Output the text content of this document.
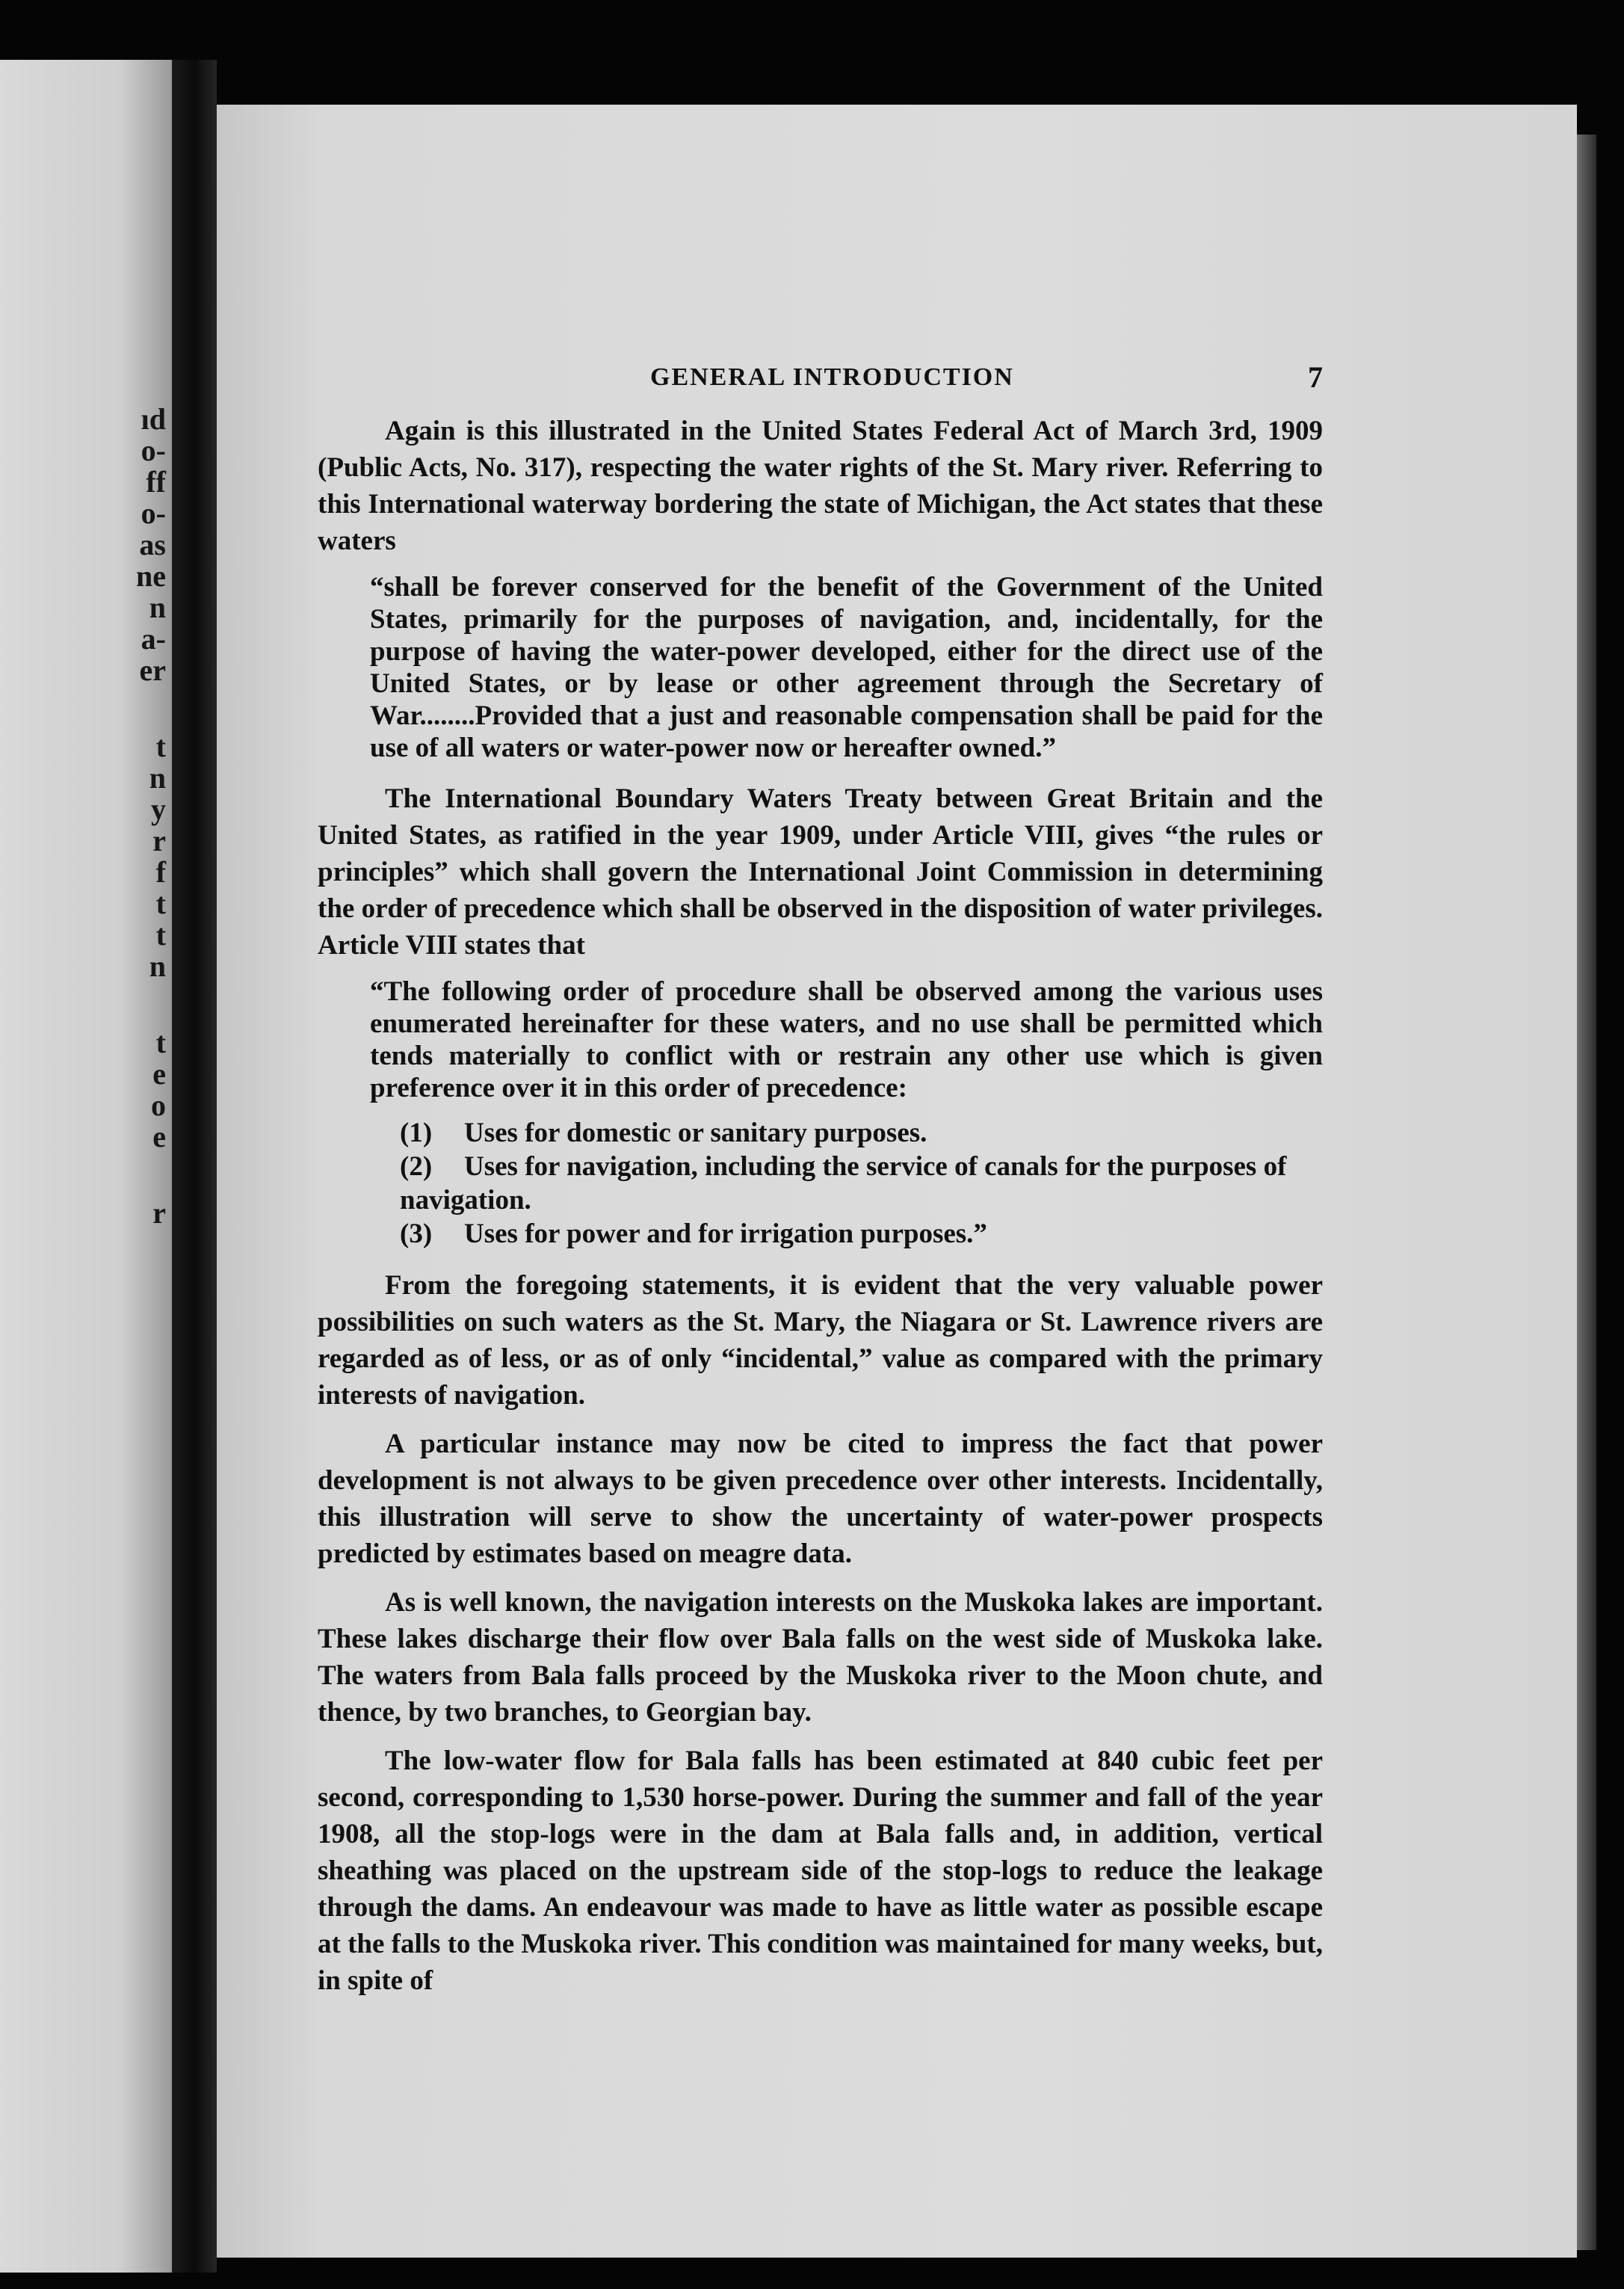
ıd
o-
ff
o-
as
ne
n
a-
er
t
n
y
r
f
t
t
n
t
e
o
e
r
GENERAL INTRODUCTION	7

Again is this illustrated in the United States Federal Act of March 3rd, 1909 (Public Acts, No. 317), respecting the water rights of the St. Mary river. Referring to this International waterway bordering the state of Michigan, the Act states that these waters

“shall be forever conserved for the benefit of the Government of the United States, primarily for the purposes of navigation, and, incidentally, for the purpose of having the water-power developed, either for the direct use of the United States, or by lease or other agreement through the Secretary of War........Provided that a just and reasonable compensation shall be paid for the use of all waters or water-power now or hereafter owned.”

The International Boundary Waters Treaty between Great Britain and the United States, as ratified in the year 1909, under Article VIII, gives “the rules or principles” which shall govern the International Joint Commission in determining the order of precedence which shall be observed in the disposition of water privileges. Article VIII states that

“The following order of procedure shall be observed among the various uses enumerated hereinafter for these waters, and no use shall be permitted which tends materially to conflict with or restrain any other use which is given preference over it in this order of precedence:
(1) Uses for domestic or sanitary purposes.
(2) Uses for navigation, including the service of canals for the purposes of navigation.
(3) Uses for power and for irrigation purposes.”

From the foregoing statements, it is evident that the very valuable power possibilities on such waters as the St. Mary, the Niagara or St. Lawrence rivers are regarded as of less, or as of only “incidental,” value as compared with the primary interests of navigation.

A particular instance may now be cited to impress the fact that power development is not always to be given precedence over other interests. Incidentally, this illustration will serve to show the uncertainty of water-power prospects predicted by estimates based on meagre data.

As is well known, the navigation interests on the Muskoka lakes are important. These lakes discharge their flow over Bala falls on the west side of Muskoka lake. The waters from Bala falls proceed by the Muskoka river to the Moon chute, and thence, by two branches, to Georgian bay.

The low-water flow for Bala falls has been estimated at 840 cubic feet per second, corresponding to 1,530 horse-power. During the summer and fall of the year 1908, all the stop-logs were in the dam at Bala falls and, in addition, vertical sheathing was placed on the upstream side of the stop-logs to reduce the leakage through the dams. An endeavour was made to have as little water as possible escape at the falls to the Muskoka river. This condition was maintained for many weeks, but, in spite of
